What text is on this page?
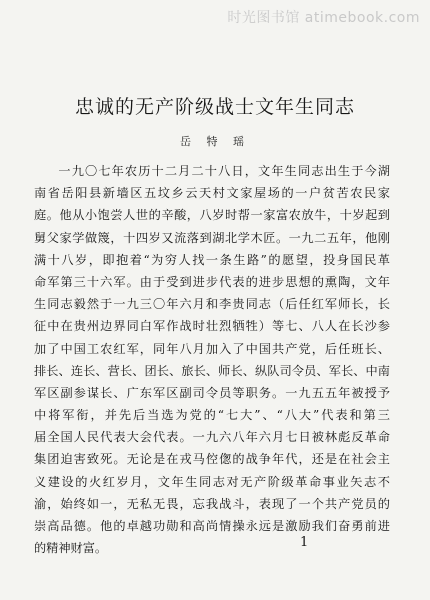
时光图书馆 atimebook.com
忠诚的无产阶级战士文年生同志
岳 特 瑶
一九〇七年农历十二月二十八日，文年生同志出生于今湖
南省岳阳县新墙区五坟乡云天村文家屋场的一户贫苦农民家
庭。他从小饱尝人世的辛酸，八岁时帮一家富农放牛，十岁起到
舅父家学做篾，十四岁又流落到湖北学木匠。一九二五年，他刚
满十八岁，即抱着“为穷人找一条生路”的愿望，投身国民革
命军第三十六军。由于受到进步代表的进步思想的熏陶，文年
生同志毅然于一九三〇年六月和李贵同志（后任红军师长，长
征中在贵州边界同白军作战时壮烈牺牲）等七、八人在长沙参
加了中国工农红军，同年八月加入了中国共产党，后任班长、
排长、连长、营长、团长、旅长、师长、纵队司令员、军长、中南
军区副参谋长、广东军区副司令员等职务。一九五五年被授予
中将军衔，并先后当选为党的“七大”、“八大”代表和第三
届全国人民代表大会代表。一九六八年六月七日被林彪反革命
集团迫害致死。无论是在戎马倥偬的战争年代，还是在社会主
义建设的火红岁月，文年生同志对无产阶级革命事业矢志不
渝，始终如一，无私无畏，忘我战斗，表现了一个共产党员的
崇高品德。他的卓越功勋和高尚情操永远是激励我们奋勇前进
的精神财富。	1
